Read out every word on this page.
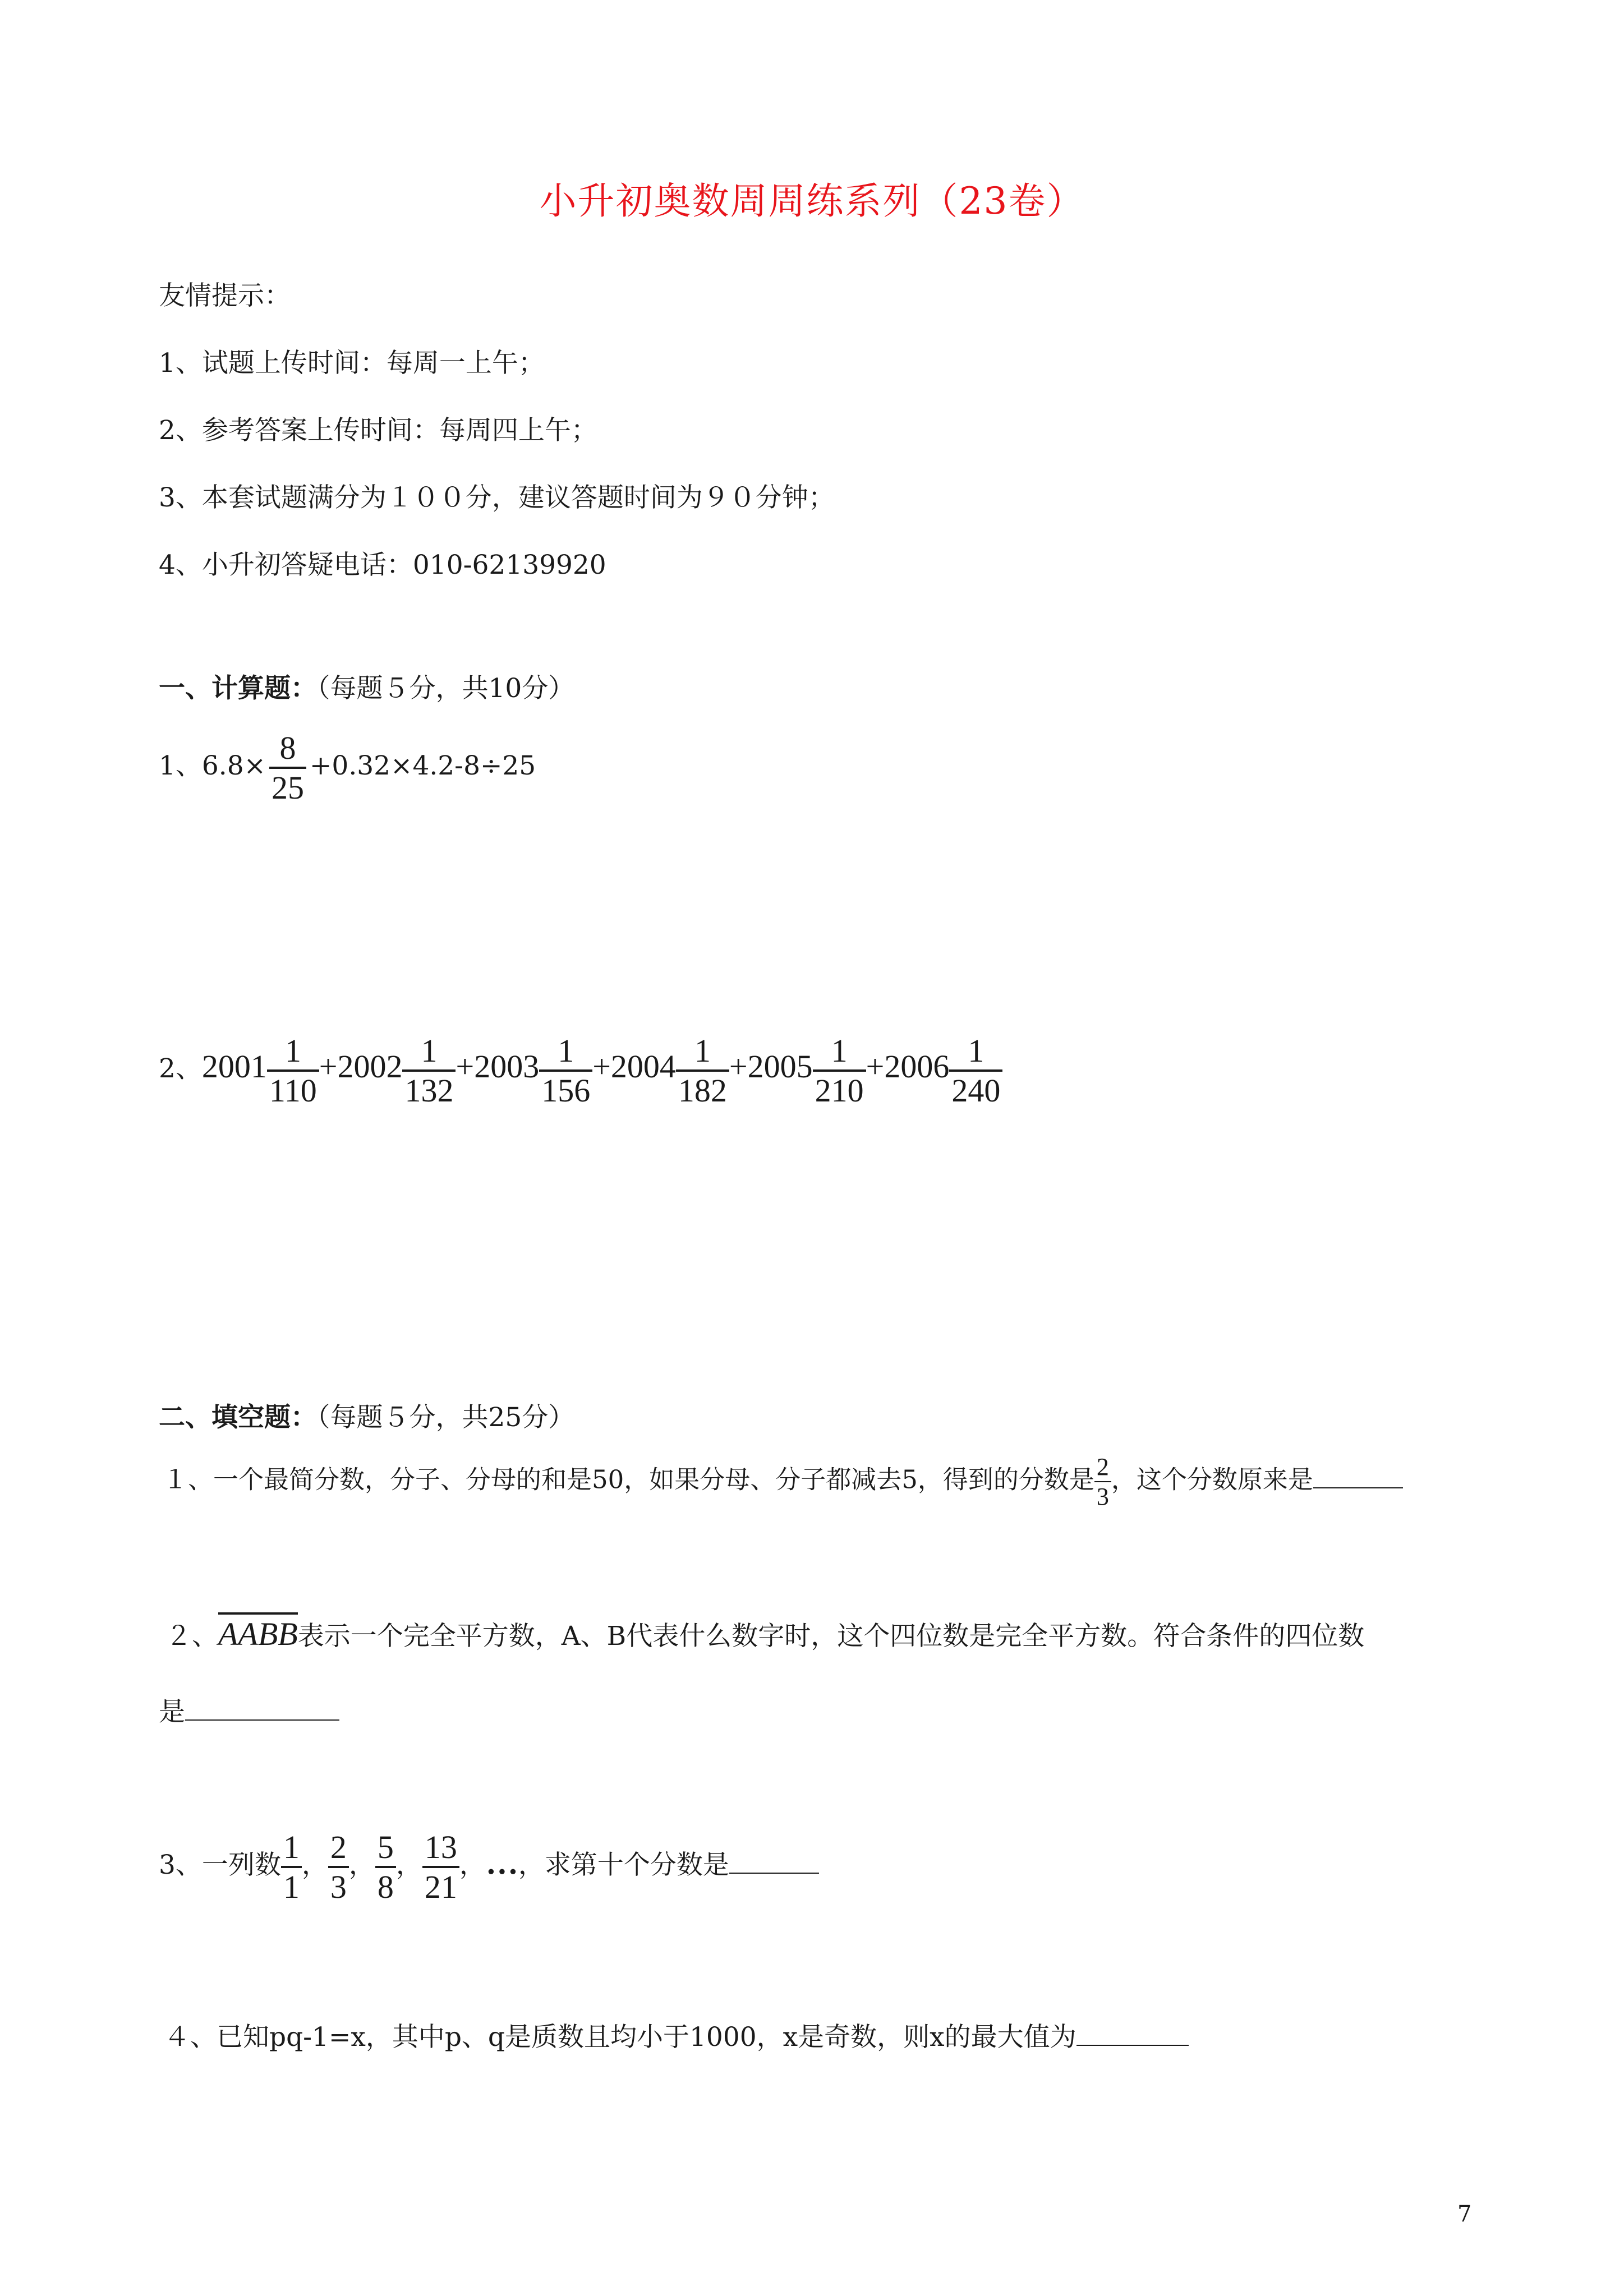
小升初奥数周周练系列（23卷）
友情提示：
1、试题上传时间：每周一上午；
2、参考答案上传时间：每周四上午；
3、本套试题满分为１００分，建议答题时间为９０分钟；
4、小升初答疑电话：010-62139920
一、计算题：（每题５分，共10分）
1、$6.8\times \frac{8}{25} +0.32\times 4.2-8\div 25$
2、$2001 \frac{1}{110} +2002 \frac{1}{132} +2003 \frac{1}{156} +2004 \frac{1}{182} +2005 \frac{1}{210} +2006 \frac{1}{240}$
二、填空题：（每题５分，共25分）
１、一个最简分数，分子、分母的和是50，如果分母、分子都减去5，得到的分数是 $\frac{2}{3}$ ，这个分数原来是
２、AABB表示一个完全平方数，A、B代表什么数字时，这个四位数是完全平方数。符合条件的四位数
是
3、一列数 $\frac{1}{1}$ ， $\frac{2}{3}$ ， $\frac{5}{8}$ ， $\frac{13}{21}$ ，…，求第十个分数是
４、已知pq-1=x，其中p、q是质数且均小于1000，x是奇数，则x的最大值为
7
